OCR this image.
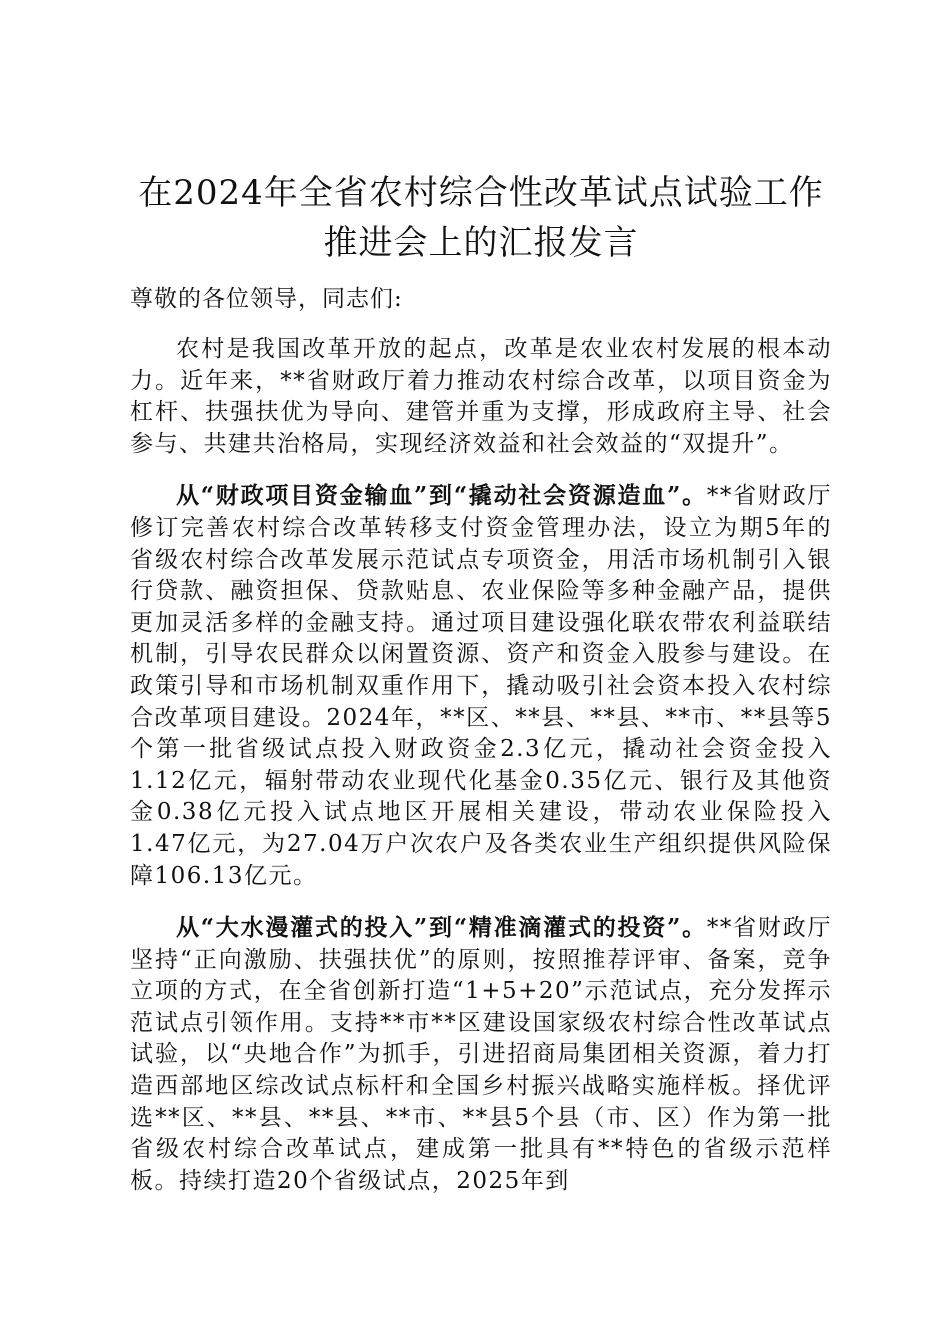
在2024年全省农村综合性改革试点试验工作
推进会上的汇报发言

尊敬的各位领导，同志们:

农村是我国改革开放的起点，改革是农业农村发展的根本动力。近年来，**省财政厅着力推动农村综合改革，以项目资金为杠杆、扶强扶优为导向、建管并重为支撑，形成政府主导、社会参与、共建共治格局，实现经济效益和社会效益的“双提升”。

从“财政项目资金输血”到“撬动社会资源造血”。**省财政厅修订完善农村综合改革转移支付资金管理办法，设立为期5年的省级农村综合改革发展示范试点专项资金，用活市场机制引入银行贷款、融资担保、贷款贴息、农业保险等多种金融产品，提供更加灵活多样的金融支持。通过项目建设强化联农带农利益联结机制，引导农民群众以闲置资源、资产和资金入股参与建设。在政策引导和市场机制双重作用下，撬动吸引社会资本投入农村综合改革项目建设。2024年，**区、**县、**县、**市、**县等5个第一批省级试点投入财政资金2.3亿元，撬动社会资金投入1.12亿元，辐射带动农业现代化基金0.35亿元、银行及其他资金0.38亿元投入试点地区开展相关建设，带动农业保险投入1.47亿元，为27.04万户次农户及各类农业生产组织提供风险保障106.13亿元。

从“大水漫灌式的投入”到“精准滴灌式的投资”。**省财政厅坚持“正向激励、扶强扶优”的原则，按照推荐评审、备案，竞争立项的方式，在全省创新打造“1+5+20”示范试点，充分发挥示范试点引领作用。支持**市**区建设国家级农村综合性改革试点试验，以“央地合作”为抓手，引进招商局集团相关资源，着力打造西部地区综改试点标杆和全国乡村振兴战略实施样板。择优评选**区、**县、**县、**市、**县5个县（市、区）作为第一批省级农村综合改革试点，建成第一批具有**特色的省级示范样板。持续打造20个省级试点，2025年到
